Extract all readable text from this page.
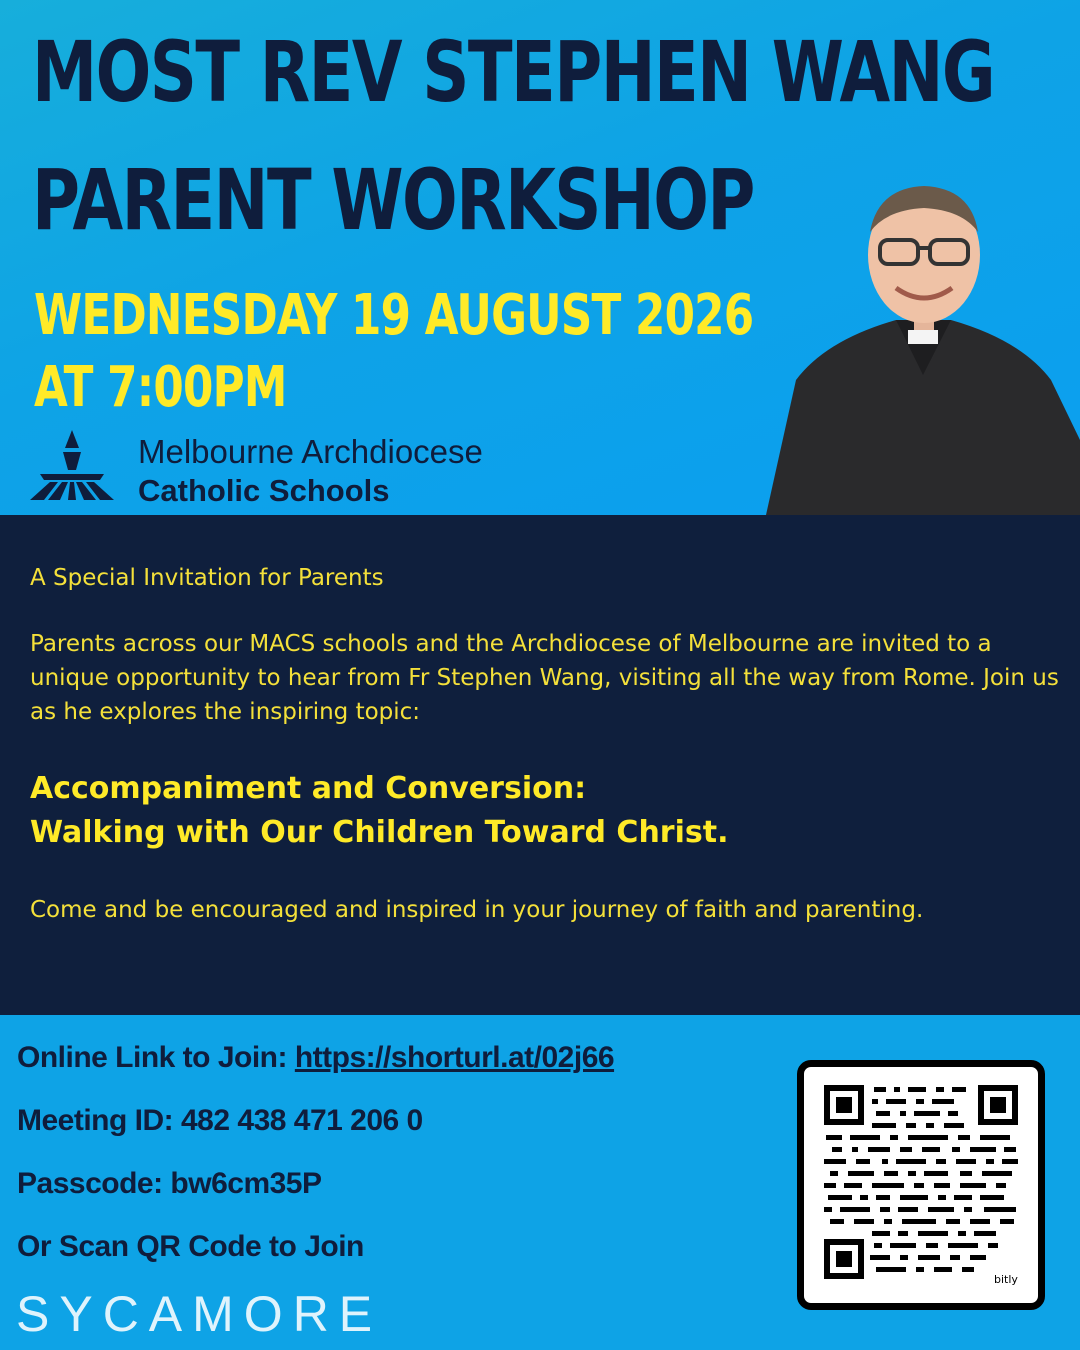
MOST REV STEPHEN WANG
PARENT WORKSHOP
WEDNESDAY 19 AUGUST 2026
AT 7:00PM
Melbourne Archdiocese
Catholic Schools

A Special Invitation for Parents

Parents across our MACS schools and the Archdiocese of Melbourne are invited to a unique opportunity to hear from Fr Stephen Wang, visiting all the way from Rome. Join us as he explores the inspiring topic:

Accompaniment and Conversion:
Walking with Our Children Toward Christ.

Come and be encouraged and inspired in your journey of faith and parenting.

Online Link to Join: https://shorturl.at/02j66
Meeting ID: 482 438 471 206 0
Passcode: bw6cm35P
Or Scan QR Code to Join
SYCAMORE
bitly
